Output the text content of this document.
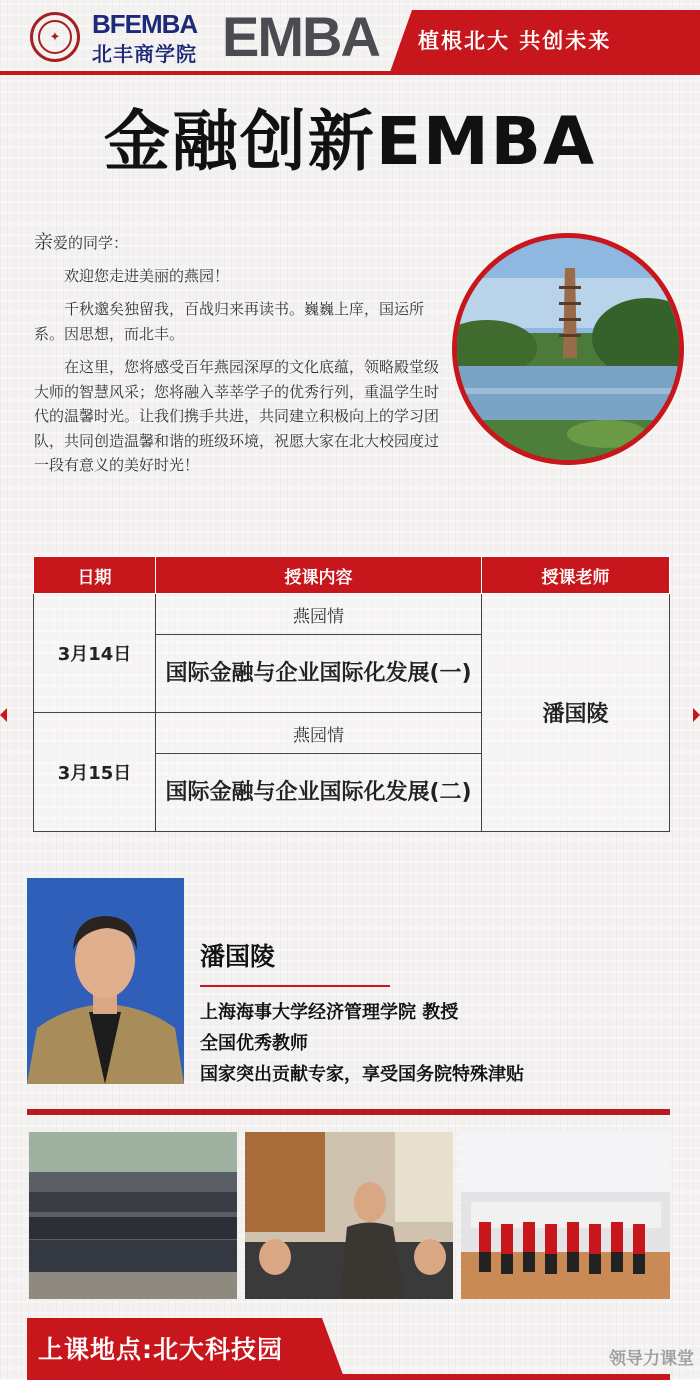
✦	BFEMBA
北丰商学院 EMBA 植根北大 共创未来
金融创新EMBA
亲爱的同学：

欢迎您走进美丽的燕园！

千秋邈矣独留我，百战归来再读书。巍巍上庠，国运所系。因思想，而北丰。

在这里，您将感受百年燕园深厚的文化底蕴，领略殿堂级大师的智慧风采；您将融入莘莘学子的优秀行列，重温学生时代的温馨时光。让我们携手共进，共同建立积极向上的学习团队，共同创造温馨和谐的班级环境，祝愿大家在北大校园度过一段有意义的美好时光！

日期	授课内容	授课老师
3月14日	燕园情	潘国陵
	国际金融与企业国际化发展(一)	
3月15日	燕园情	
	国际金融与企业国际化发展(二)	
潘国陵
上海海事大学经济管理学院 教授
全国优秀教师
国家突出贡献专家，享受国务院特殊津贴
上课地点:北大科技园	领导力课堂
